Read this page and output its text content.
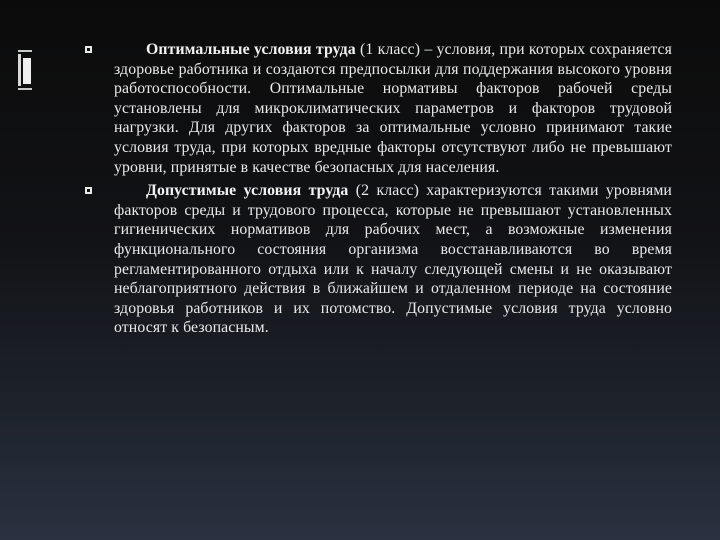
Оптимальные условия труда (1 класс) – условия, при которых сохраняется здоровье работника и создаются предпосылки для поддержания высокого уровня работоспособности. Оптимальные нормативы факторов рабочей среды установлены для микроклиматических параметров и факторов трудовой нагрузки. Для других факторов за оптимальные условно принимают такие условия труда, при которых вредные факторы отсутствуют либо не превышают уровни, принятые в качестве безопасных для населения.
Допустимые условия труда (2 класс) характеризуются такими уровнями факторов среды и трудового процесса, которые не превышают установленных гигиенических нормативов для рабочих мест, а возможные изменения функционального состояния организма восстанавливаются во время регламентированного отдыха или к началу следующей смены и не оказывают неблагоприятного действия в ближайшем и отдаленном периоде на состояние здоровья работников и их потомство. Допустимые условия труда условно относят к безопасным.
